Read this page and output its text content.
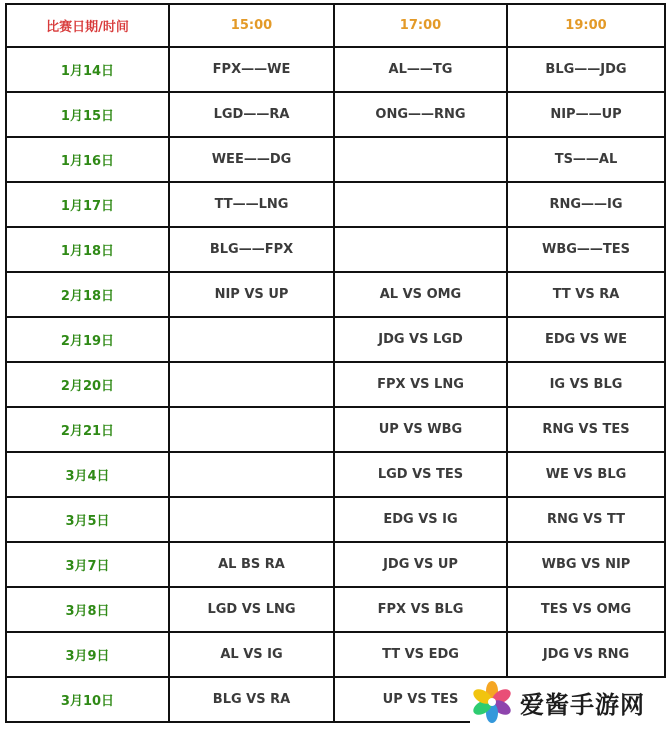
比赛日期/时间	15:00	17:00	19:00
1月14日	FPX——WE	AL——TG	BLG——JDG
1月15日	LGD——RA	ONG——RNG	NIP——UP
1月16日	WEE——DG		TS——AL
1月17日	TT——LNG		RNG——IG
1月18日	BLG——FPX		WBG——TES
2月18日	NIP VS UP	AL VS OMG	TT VS RA
2月19日		JDG VS LGD	EDG VS WE
2月20日		FPX VS LNG	IG VS BLG
2月21日		UP VS WBG	RNG VS TES
3月4日		LGD VS TES	WE VS BLG
3月5日		EDG VS IG	RNG VS TT
3月7日	AL BS RA	JDG VS UP	WBG VS NIP
3月8日	LGD VS LNG	FPX VS BLG	TES VS OMG
3月9日	AL VS IG	TT VS EDG	JDG VS RNG
3月10日	BLG VS RA	UP VS TES		爱酱手游网
